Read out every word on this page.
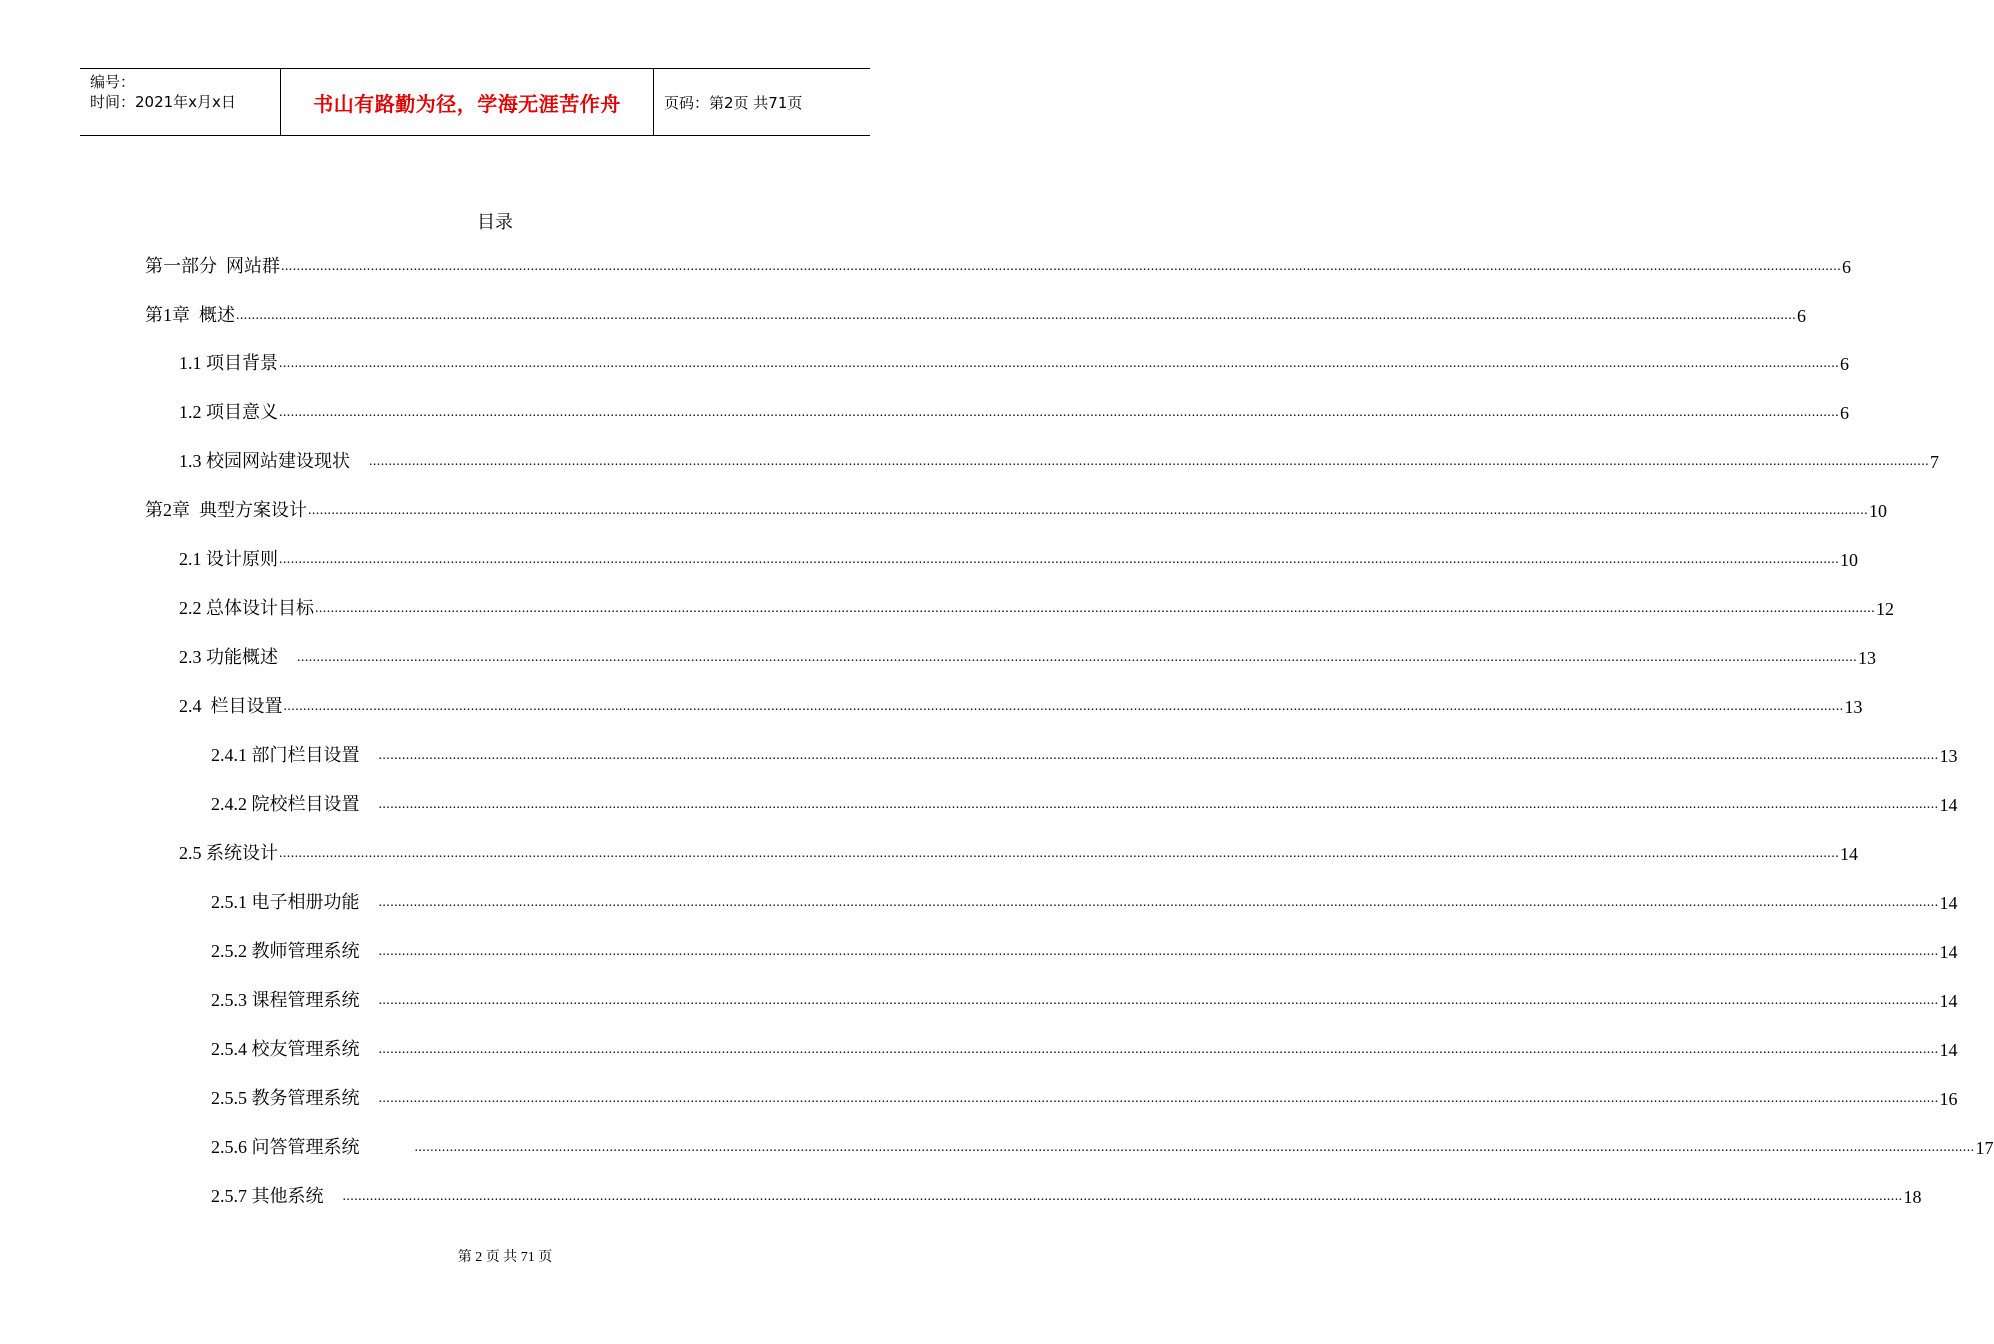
编号：
时间：2021年x月x日	书山有路勤为径，学海无涯苦作舟	页码：第2页 共71页
目录
第一部分  网站群 ................................................................................................................................................................................................................................................................................................................................................................................................................ 6
第1章  概述 ................................................................................................................................................................................................................................................................................................................................................................................................................ 6
1.1 项目背景 ................................................................................................................................................................................................................................................................................................................................................................................................................ 6
1.2 项目意义 ................................................................................................................................................................................................................................................................................................................................................................................................................ 6
1.3 校园网站建设现状 ................................................................................................................................................................................................................................................................................................................................................................................................................ 7
第2章  典型方案设计 ................................................................................................................................................................................................................................................................................................................................................................................................................ 10
2.1 设计原则 ................................................................................................................................................................................................................................................................................................................................................................................................................ 10
2.2 总体设计目标 ................................................................................................................................................................................................................................................................................................................................................................................................................ 12
2.3 功能概述 ................................................................................................................................................................................................................................................................................................................................................................................................................ 13
2.4  栏目设置 ................................................................................................................................................................................................................................................................................................................................................................................................................ 13
2.4.1 部门栏目设置 ................................................................................................................................................................................................................................................................................................................................................................................................................ 13
2.4.2 院校栏目设置 ................................................................................................................................................................................................................................................................................................................................................................................................................ 14
2.5 系统设计 ................................................................................................................................................................................................................................................................................................................................................................................................................ 14
2.5.1 电子相册功能 ................................................................................................................................................................................................................................................................................................................................................................................................................ 14
2.5.2 教师管理系统 ................................................................................................................................................................................................................................................................................................................................................................................................................ 14
2.5.3 课程管理系统 ................................................................................................................................................................................................................................................................................................................................................................................................................ 14
2.5.4 校友管理系统 ................................................................................................................................................................................................................................................................................................................................................................................................................ 14
2.5.5 教务管理系统 ................................................................................................................................................................................................................................................................................................................................................................................................................ 16
2.5.6 问答管理系统 ................................................................................................................................................................................................................................................................................................................................................................................................................ 17
2.5.7 其他系统 ................................................................................................................................................................................................................................................................................................................................................................................................................ 18
第 2 页 共 71 页
